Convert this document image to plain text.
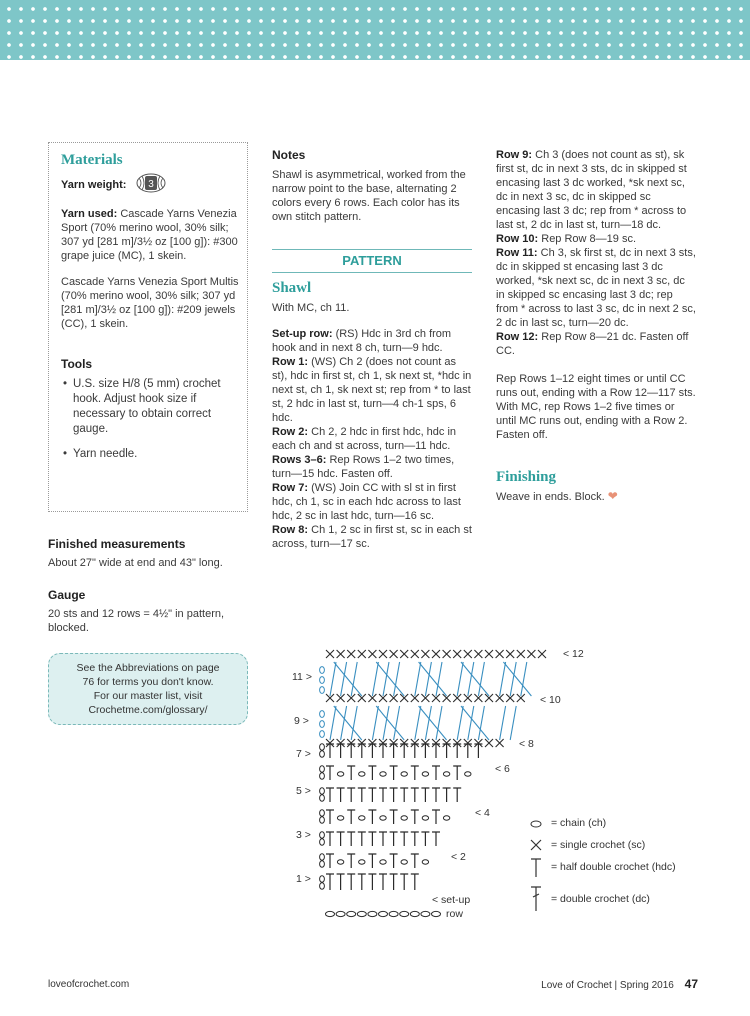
Materials
Yarn weight: 3

Yarn used: Cascade Yarns Venezia Sport (70% merino wool, 30% silk; 307 yd [281 m]/3½ oz [100 g]): #300 grape juice (MC), 1 skein.

Cascade Yarns Venezia Sport Multis (70% merino wool, 30% silk; 307 yd [281 m]/3½ oz [100 g]): #209 jewels (CC), 1 skein.

Tools
• U.S. size H/8 (5 mm) crochet hook. Adjust hook size if necessary to obtain correct gauge.
• Yarn needle.
Finished measurements

About 27" wide at end and 43" long.

Gauge

20 sts and 12 rows = 4½" in pattern, blocked.

See the Abbreviations on page
76 for terms you don't know.
For our master list, visit
Crochetme.com/glossary/
Notes

Shawl is asymmetrical, worked from the narrow point to the base, alternating 2 colors every 6 rows. Each color has its own stitch pattern.

PATTERN
Shawl

With MC, ch 11.

Set-up row: (RS) Hdc in 3rd ch from hook and in next 8 ch, turn—9 hdc.

Row 1: (WS) Ch 2 (does not count as st), hdc in first st, ch 1, sk next st, *hdc in next st, ch 1, sk next st; rep from * to last st, 2 hdc in last st, turn—4 ch-1 sps, 6 hdc.

Row 2: Ch 2, 2 hdc in first hdc, hdc in each ch and st across, turn—11 hdc.

Rows 3–6: Rep Rows 1–2 two times, turn—15 hdc. Fasten off.

Row 7: (WS) Join CC with sl st in first hdc, ch 1, sc in each hdc across to last hdc, 2 sc in last hdc, turn—16 sc.

Row 8: Ch 1, 2 sc in first st, sc in each st across, turn—17 sc.

Row 9: Ch 3 (does not count as st), sk first st, dc in next 3 sts, dc in skipped st encasing last 3 dc worked, *sk next sc, dc in next 3 sc, dc in skipped sc encasing last 3 dc; rep from * across to last st, 2 dc in last st, turn—18 dc.

Row 10: Rep Row 8—19 sc.

Row 11: Ch 3, sk first st, dc in next 3 sts, dc in skipped st encasing last 3 dc worked, *sk next sc, dc in next 3 sc, dc in skipped sc encasing last 3 dc; rep from * across to last 3 sc, dc in next 2 sc, 2 dc in last sc, turn—20 dc.

Row 12: Rep Row 8—21 dc. Fasten off CC.

Rep Rows 1–12 eight times or until CC runs out, ending with a Row 12—117 sts. With MC, rep Rows 1–2 five times or until MC runs out, ending with a Row 2. Fasten off.

Finishing

Weave in ends. Block. ❤

11 >
9 >
7 >
5 >
3 >
1 >
< 12
< 10
< 8
< 6
< 4
< 2
< set-up
row
= chain (ch)
= single crochet (sc)
= half double crochet (hdc)
= double crochet (dc)
loveofcrochet.com	Love of Crochet | Spring 2016 47
